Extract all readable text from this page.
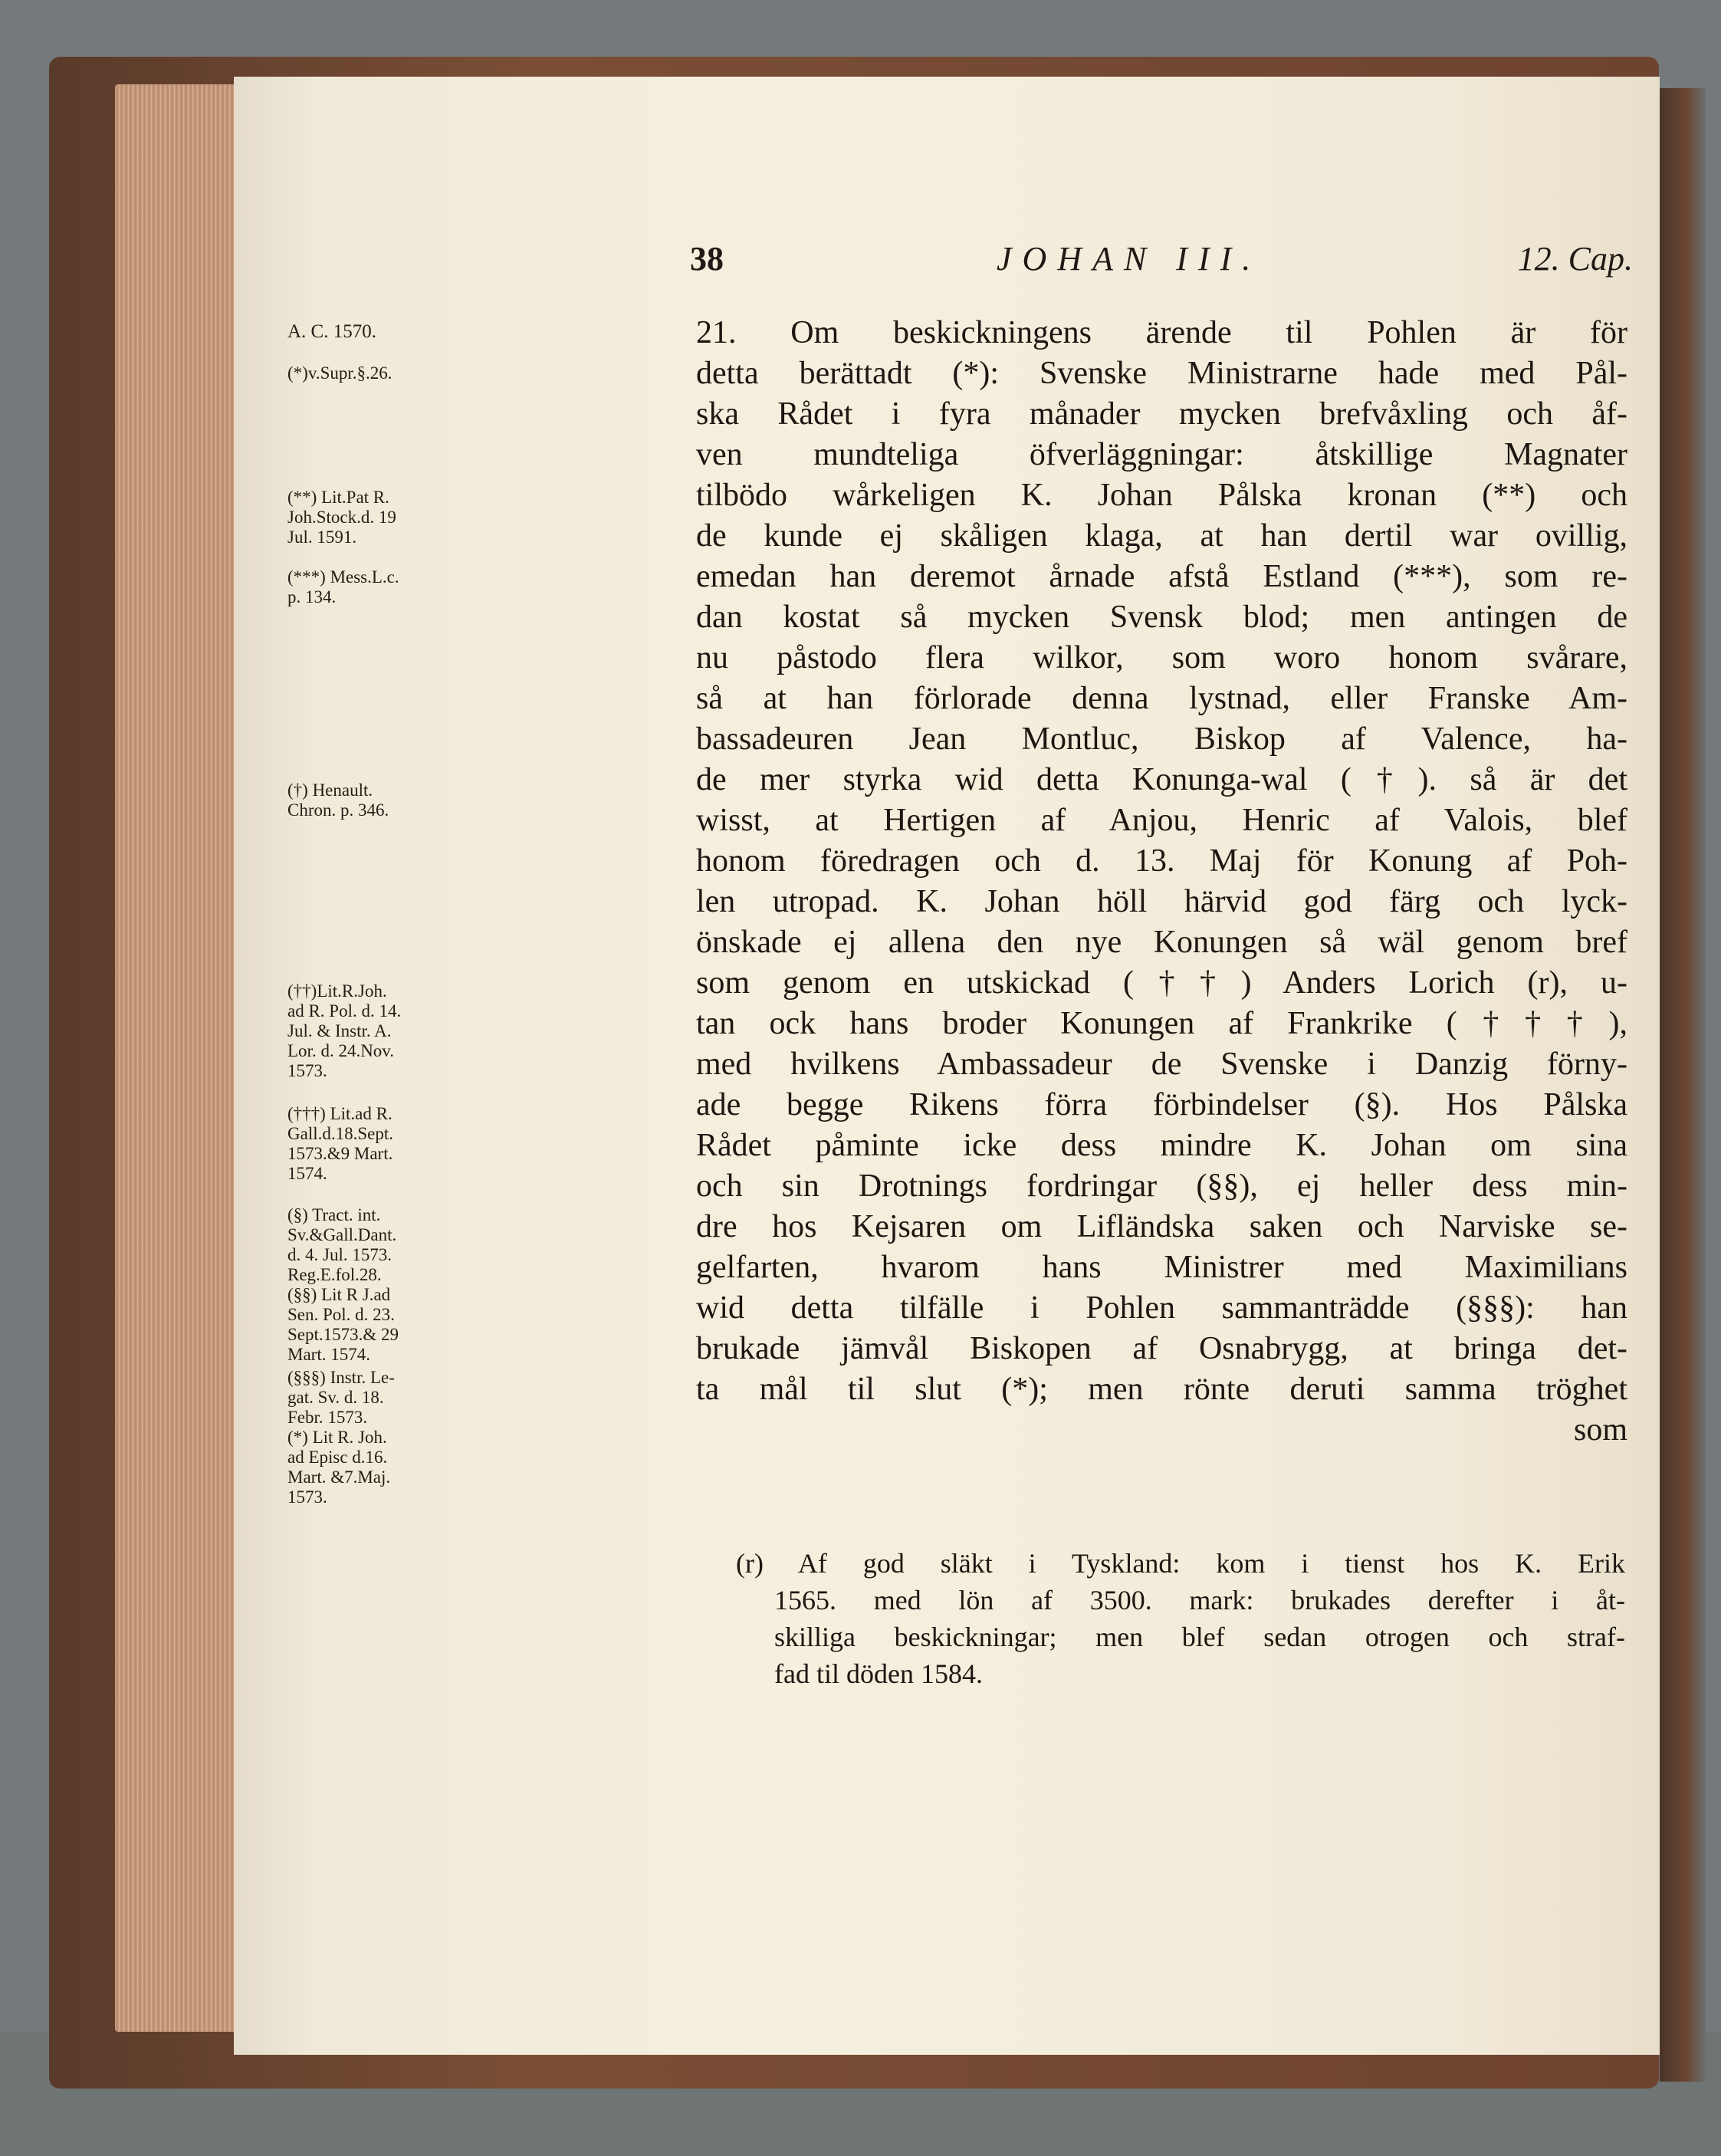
38	JOHAN III.	12. Cap.
A. C. 1570.
(*)v.Supr.§.26.
(**) Lit.Pat R.
Joh.Stock.d. 19
Jul. 1591.
(***) Mess.L.c.
p. 134.
(†) Henault.
Chron. p. 346.
(††)Lit.R.Joh.
ad R. Pol. d. 14.
Jul. & Instr. A.
Lor. d. 24.Nov.
1573.
(†††) Lit.ad R.
Gall.d.18.Sept.
1573.&9 Mart.
1574.
(§) Tract. int.
Sv.&Gall.Dant.
d. 4. Jul. 1573.
Reg.E.fol.28.
(§§) Lit R J.ad
Sen. Pol. d. 23.
Sept.1573.& 29
Mart. 1574.
(§§§) Instr. Le-
gat. Sv. d. 18.
Febr. 1573.
(*) Lit R. Joh.
ad Episc d.16.
Mart. &7.Maj.
1573.
21. Om beskickningens ärende til Pohlen är för
detta berättadt (*): Svenske Ministrarne hade med Pål-
ska Rådet i fyra månader mycken brefvåxling och åf-
ven mundteliga öfverläggningar: åtskillige Magnater
tilbödo wårkeligen K. Johan Pålska kronan (**) och
de kunde ej skåligen klaga, at han dertil war ovillig,
emedan han deremot årnade afstå Estland (***), som re-
dan kostat så mycken Svensk blod; men antingen de
nu påstodo flera wilkor, som woro honom svårare,
så at han förlorade denna lystnad, eller Franske Am-
bassadeuren Jean Montluc, Biskop af Valence, ha-
de mer styrka wid detta Konunga-wal (†). så är det
wisst, at Hertigen af Anjou, Henric af Valois, blef
honom föredragen och d. 13. Maj för Konung af Poh-
len utropad. K. Johan höll härvid god färg och lyck-
önskade ej allena den nye Konungen så wäl genom bref
som genom en utskickad (††) Anders Lorich (r), u-
tan ock hans broder Konungen af Frankrike (†††),
med hvilkens Ambassadeur de Svenske i Danzig förny-
ade begge Rikens förra förbindelser (§). Hos Pålska
Rådet påminte icke dess mindre K. Johan om sina
och sin Drotnings fordringar (§§), ej heller dess min-
dre hos Kejsaren om Lifländska saken och Narviske se-
gelfarten, hvarom hans Ministrer med Maximilians
wid detta tilfälle i Pohlen sammanträdde (§§§): han
brukade jämvål Biskopen af Osnabrygg, at bringa det-
ta mål til slut (*); men rönte deruti samma tröghet
som
(r) Af god släkt i Tyskland: kom i tienst hos K. Erik
1565. med lön af 3500. mark: brukades derefter i åt-
skilliga beskickningar; men blef sedan otrogen och straf-
fad til döden 1584.
